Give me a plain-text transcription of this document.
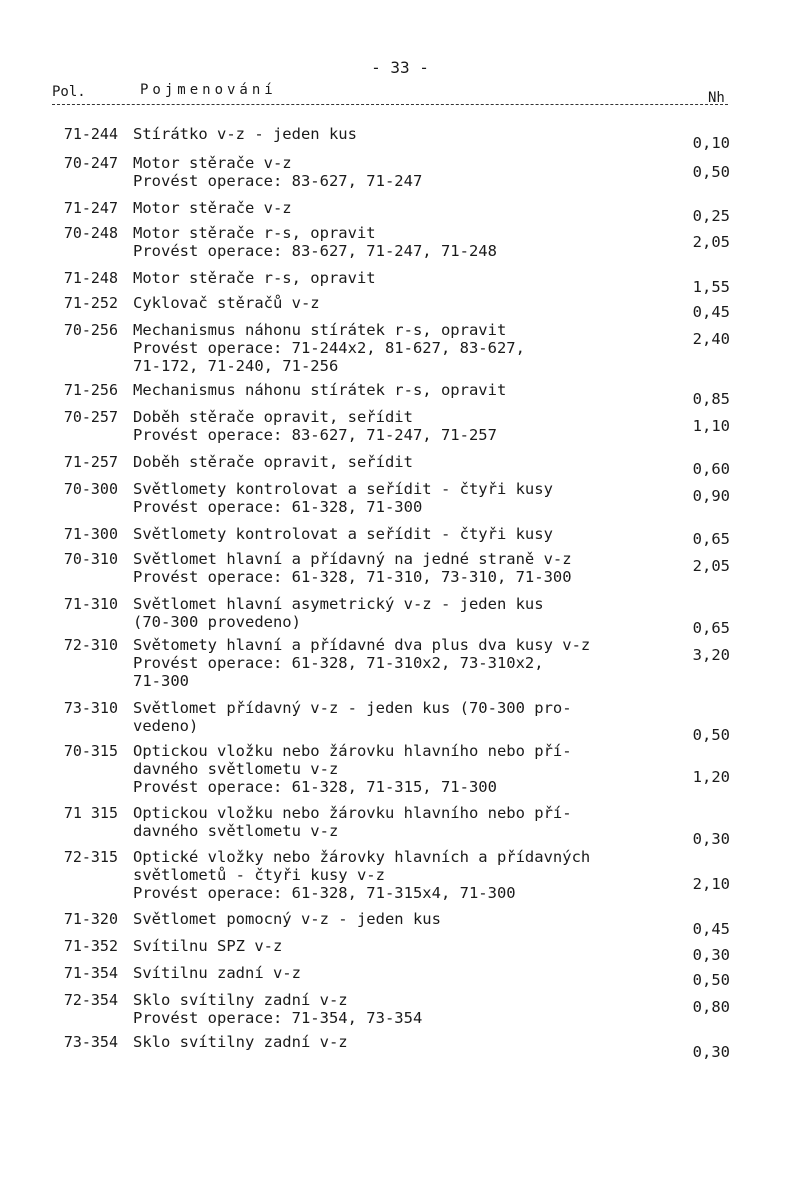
- 33 -
Pol.	Pojmenování	Nh
71-244 Stírátko v-z - jeden kus	0,10
70-247 Motor stěrače v-z
Provést operace: 83-627, 71-247	0,50
71-247 Motor stěrače v-z	0,25
70-248 Motor stěrače r-s, opravit
Provést operace: 83-627, 71-247, 71-248	2,05
71-248 Motor stěrače r-s, opravit	1,55
71-252 Cyklovač stěračů v-z	0,45
70-256 Mechanismus náhonu stírátek r-s, opravit
Provést operace: 71-244x2, 81-627, 83-627,
71-172, 71-240, 71-256
2,40
71-256 Mechanismus náhonu stírátek r-s, opravit	0,85
70-257 Doběh stěrače opravit, seřídit
Provést operace: 83-627, 71-247, 71-257	1,10
71-257 Doběh stěrače opravit, seřídit	0,60
70-300 Světlomety kontrolovat a seřídit - čtyři kusy
Provést operace: 61-328, 71-300
0,90
71-300 Světlomety kontrolovat a seřídit - čtyři kusy	0,65
70-310 Světlomet hlavní a přídavný na jedné straně v-z
Provést operace: 61-328, 71-310, 73-310, 71-300
2,05
71-310 Světlomet hlavní asymetrický v-z - jeden kus
(70-300 provedeno)	0,65
72-310 Světomety hlavní a přídavné dva plus dva kusy v-z
Provést operace: 61-328, 71-310x2, 73-310x2,
71-300
3,20
73-310 Světlomet přídavný v-z - jeden kus (70-300 pro-
vedeno)	0,50
70-315 Optickou vložku nebo žárovku hlavního nebo pří-
davného světlometu v-z
Provést operace: 61-328, 71-315, 71-300
1,20
71 315 Optickou vložku nebo žárovku hlavního nebo pří-
davného světlometu v-z	0,30
72-315 Optické vložky nebo žárovky hlavních a přídavných
světlometů - čtyři kusy v-z
Provést operace: 61-328, 71-315x4, 71-300	2,10
71-320 Světlomet pomocný v-z - jeden kus
0,45
71-352 Svítilnu SPZ v-z	0,30
71-354 Svítilnu zadní v-z	0,50
72-354 Sklo svítilny zadní v-z
Provést operace: 71-354, 73-354
0,80
73-354 Sklo svítilny zadní v-z
0,30
